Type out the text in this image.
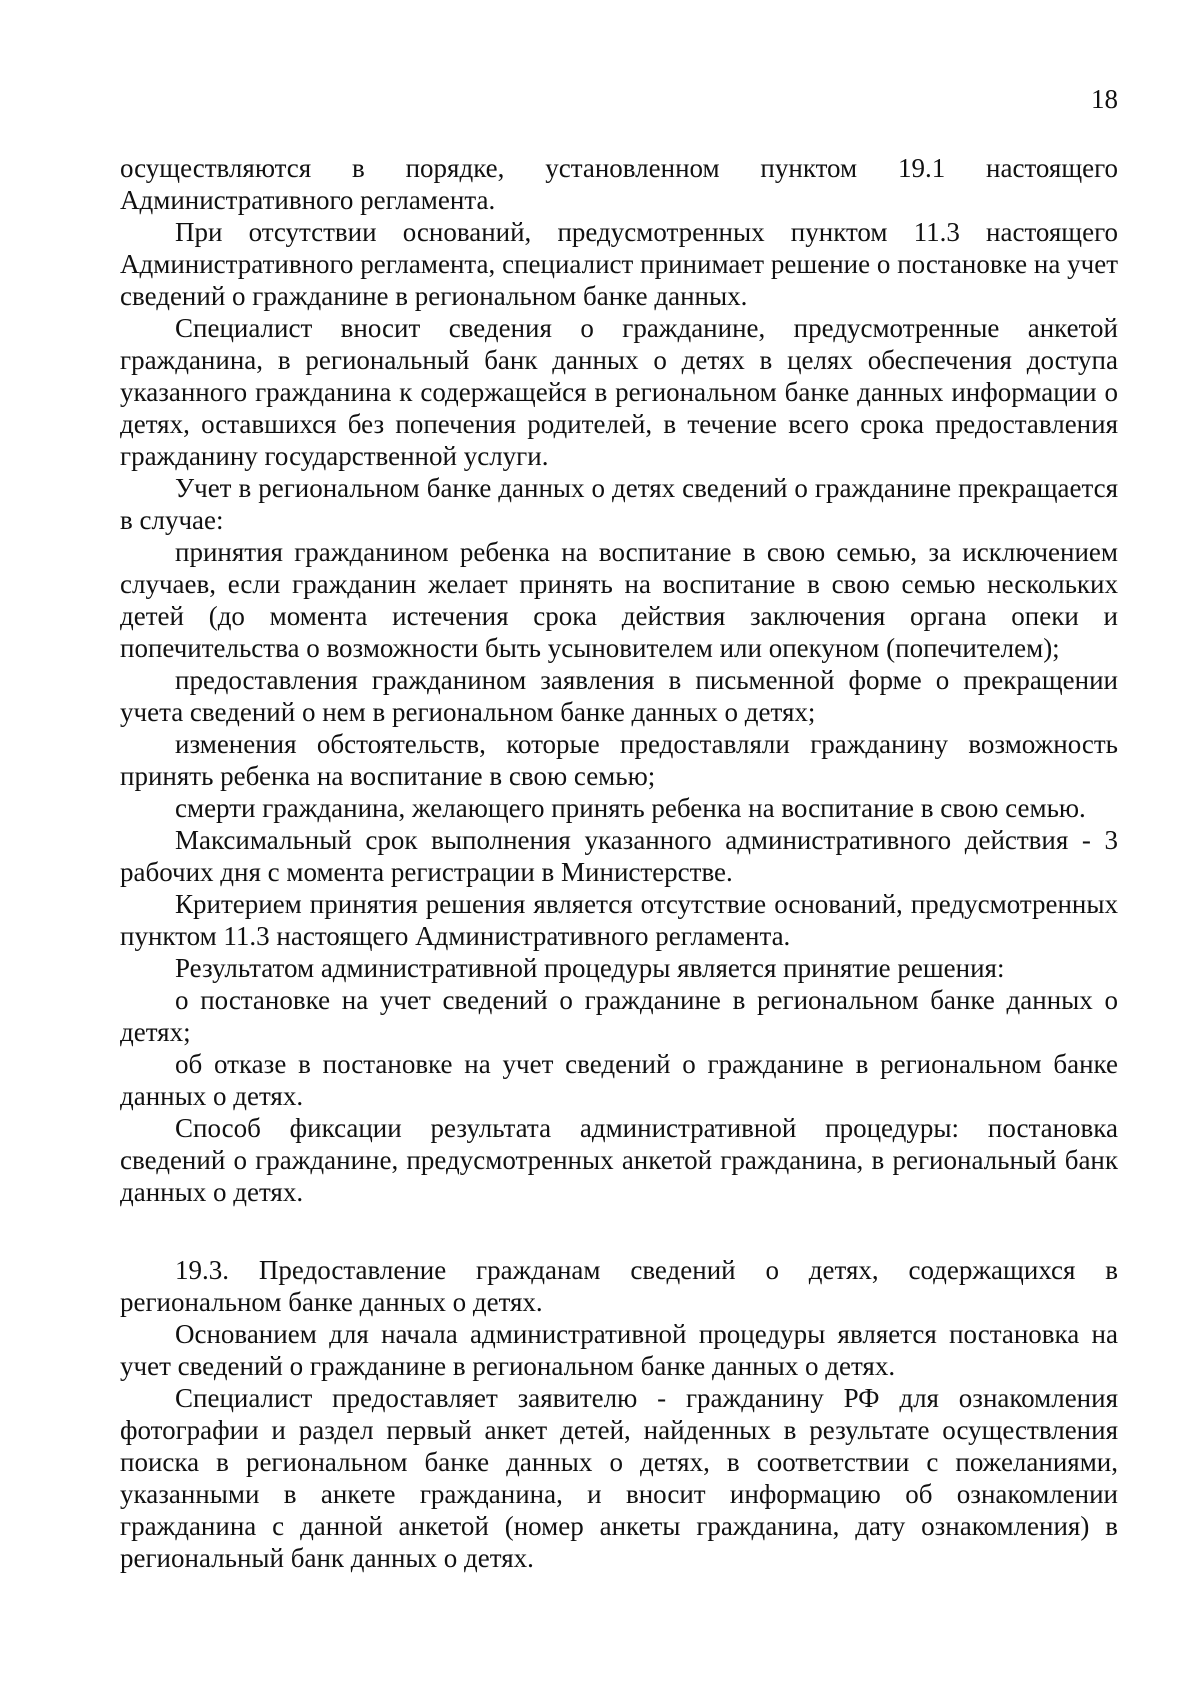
18

осуществляются в порядке, установленном пунктом 19.1 настоящего Административного регламента.

При отсутствии оснований, предусмотренных пунктом 11.3 настоящего Административного регламента, специалист принимает решение о постановке на учет сведений о гражданине в региональном банке данных.

Специалист вносит сведения о гражданине, предусмотренные анкетой гражданина, в региональный банк данных о детях в целях обеспечения доступа указанного гражданина к содержащейся в региональном банке данных информации о детях, оставшихся без попечения родителей, в течение всего срока предоставления гражданину государственной услуги.

Учет в региональном банке данных о детях сведений о гражданине прекращается в случае:

принятия гражданином ребенка на воспитание в свою семью, за исключением случаев, если гражданин желает принять на воспитание в свою семью нескольких детей (до момента истечения срока действия заключения органа опеки и попечительства о возможности быть усыновителем или опекуном (попечителем);

предоставления гражданином заявления в письменной форме о прекращении учета сведений о нем в региональном банке данных о детях;

изменения обстоятельств, которые предоставляли гражданину возможность принять ребенка на воспитание в свою семью;

смерти гражданина, желающего принять ребенка на воспитание в свою семью.

Максимальный срок выполнения указанного административного действия - 3 рабочих дня с момента регистрации в Министерстве.

Критерием принятия решения является отсутствие оснований, предусмотренных пунктом 11.3 настоящего Административного регламента.

Результатом административной процедуры является принятие решения:

о постановке на учет сведений о гражданине в региональном банке данных о детях;

об отказе в постановке на учет сведений о гражданине в региональном банке данных о детях.

Способ фиксации результата административной процедуры: постановка сведений о гражданине, предусмотренных анкетой гражданина, в региональный банк данных о детях.

19.3. Предоставление гражданам сведений о детях, содержащихся в региональном банке данных о детях.

Основанием для начала административной процедуры является постановка на учет сведений о гражданине в региональном банке данных о детях.

Специалист предоставляет заявителю - гражданину РФ для ознакомления фотографии и раздел первый анкет детей, найденных в результате осуществления поиска в региональном банке данных о детях, в соответствии с пожеланиями, указанными в анкете гражданина, и вносит информацию об ознакомлении гражданина с данной анкетой (номер анкеты гражданина, дату ознакомления) в региональный банк данных о детях.
